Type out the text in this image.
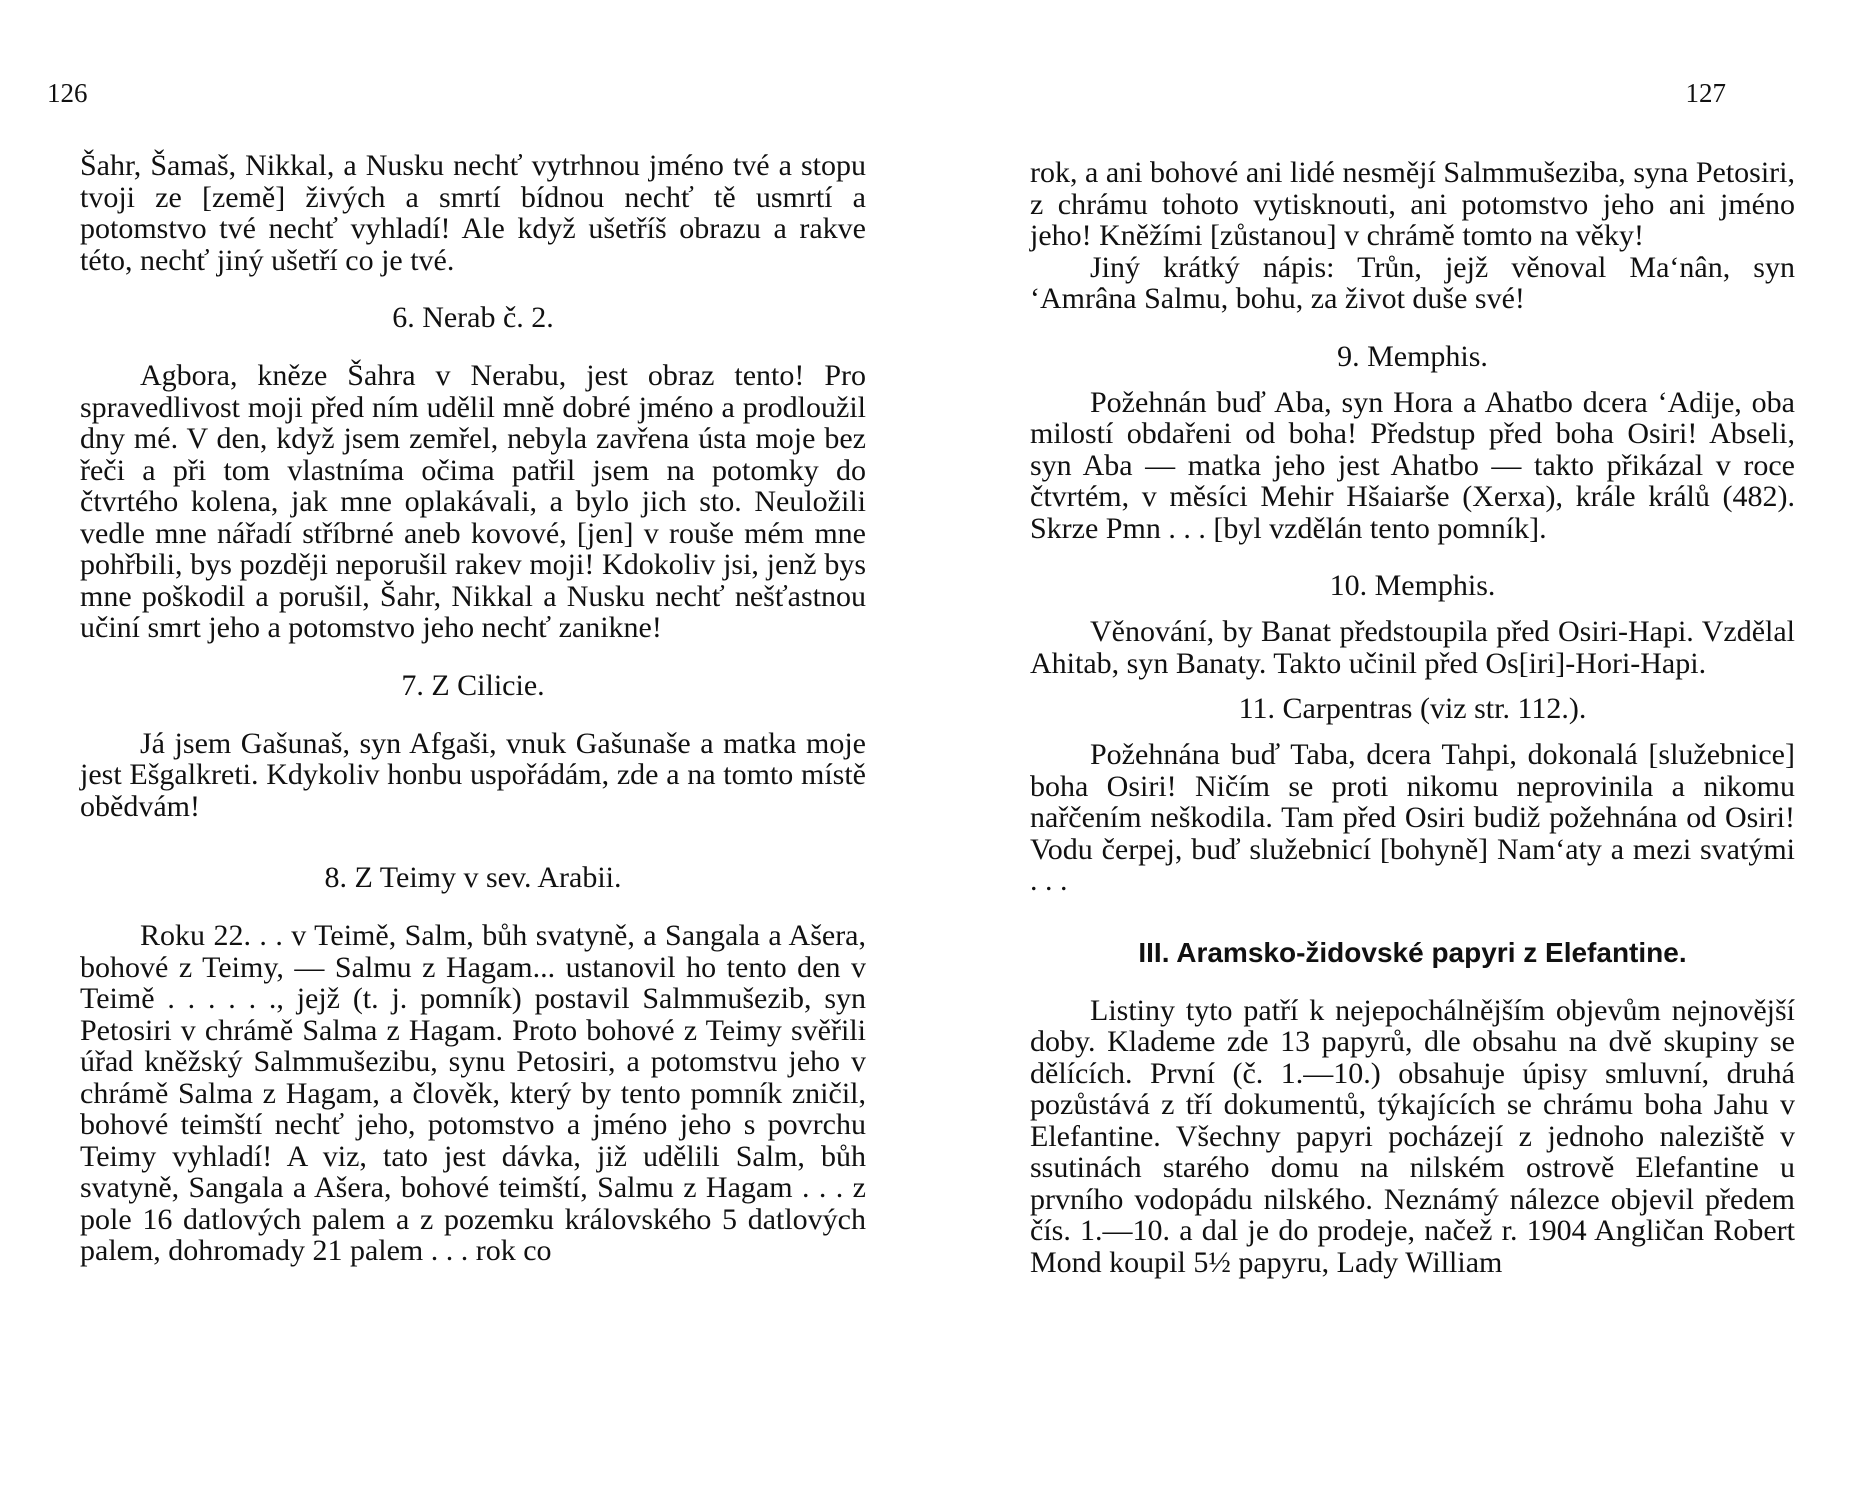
126

Šahr, Šamaš, Nikkal, a Nusku nechť vytrhnou jméno tvé a stopu tvoji ze [země] živých a smrtí bídnou nechť tě usmrtí a potomstvo tvé nechť vyhladí! Ale když ušetříš obrazu a rakve této, nechť jiný ušetří co je tvé.

6. Nerab č. 2.

Agbora, kněze Šahra v Nerabu, jest obraz tento! Pro spravedlivost moji před ním udělil mně dobré jméno a prodloužil dny mé. V den, když jsem zemřel, nebyla zavřena ústa moje bez řeči a při tom vlastníma očima patřil jsem na potomky do čtvrtého kolena, jak mne oplakávali, a bylo jich sto. Neuložili vedle mne nářadí stříbrné aneb kovové, [jen] v rouše mém mne pohřbili, bys později neporušil rakev moji! Kdokoliv jsi, jenž bys mne poškodil a porušil, Šahr, Nikkal a Nusku nechť nešťastnou učiní smrt jeho a potomstvo jeho nechť zanikne!

7. Z Cilicie.

Já jsem Gašunaš, syn Afgaši, vnuk Gašunaše a matka moje jest Ešgalkreti. Kdykoliv honbu uspořádám, zde a na tomto místě obědvám!

8. Z Teimy v sev. Arabii.

Roku 22. . . v Teimě, Salm, bůh svatyně, a Sangala a Ašera, bohové z Teimy, — Salmu z Hagam... ustanovil ho tento den v Teimě . . . . . ., jejž (t. j. pomník) postavil Salmmušezib, syn Petosiri v chrámě Salma z Hagam. Proto bohové z Teimy svěřili úřad kněžský Salmmušezibu, synu Petosiri, a potomstvu jeho v chrámě Salma z Hagam, a člověk, který by tento pomník zničil, bohové teimští nechť jeho, potomstvo a jméno jeho s povrchu Teimy vyhladí! A viz, tato jest dávka, již udělili Salm, bůh svatyně, Sangala a Ašera, bohové teimští, Salmu z Hagam . . . z pole 16 datlových palem a z pozemku královského 5 datlových palem, dohromady 21 palem . . . rok co

127

rok, a ani bohové ani lidé nesmějí Salmmušeziba, syna Petosiri, z chrámu tohoto vytisknouti, ani potomstvo jeho ani jméno jeho! Kněžími [zůstanou] v chrámě tomto na věky!

Jiný krátký nápis: Trůn, jejž věnoval Ma‘nân, syn ‘Amrâna Salmu, bohu, za život duše své!

9. Memphis.

Požehnán buď Aba, syn Hora a Ahatbo dcera ‘Adije, oba milostí obdařeni od boha! Předstup před boha Osiri! Abseli, syn Aba — matka jeho jest Ahatbo — takto přikázal v roce čtvrtém, v měsíci Mehir Hšaiarše (Xerxa), krále králů (482). Skrze Pmn . . . [byl vzdělán tento pomník].

10. Memphis.

Věnování, by Banat předstoupila před Osiri-Hapi. Vzdělal Ahitab, syn Banaty. Takto učinil před Os[iri]-Hori-Hapi.

11. Carpentras (viz str. 112.).

Požehnána buď Taba, dcera Tahpi, dokonalá [služebnice] boha Osiri! Ničím se proti nikomu neprovinila a nikomu nařčením neškodila. Tam před Osiri budiž požehnána od Osiri! Vodu čerpej, buď služebnicí [bohyně] Nam‘aty a mezi svatými . . .

III. Aramsko-židovské papyri z Elefantine.

Listiny tyto patří k nejepochálnějším objevům nejnovější doby. Klademe zde 13 papyrů, dle obsahu na dvě skupiny se dělících. První (č. 1.—10.) obsahuje úpisy smluvní, druhá pozůstává z tří dokumentů, týkajících se chrámu boha Jahu v Elefantine. Všechny papyri pocházejí z jednoho naleziště v ssutinách starého domu na nilském ostrově Elefantine u prvního vodopádu nilského. Neznámý nálezce objevil předem čís. 1.—10. a dal je do prodeje, načež r. 1904 Angličan Robert Mond koupil 5½ papyru, Lady William
